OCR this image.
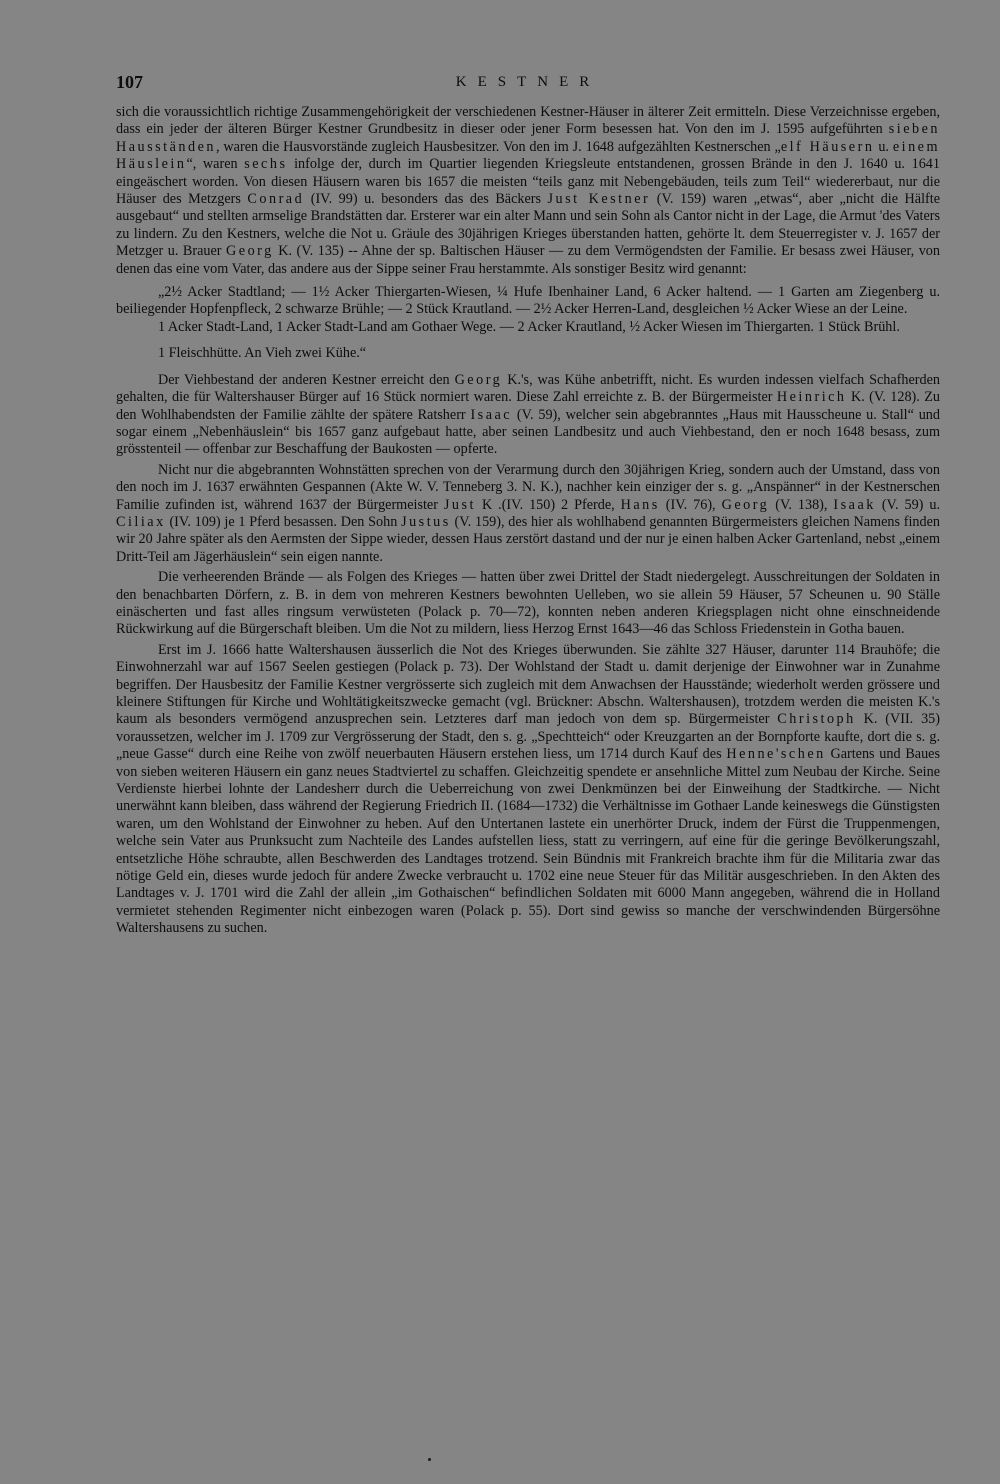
107	KESTNER

sich die voraussichtlich richtige Zusammengehörigkeit der verschiedenen Kestner-Häuser in älterer Zeit ermitteln. Diese Verzeichnisse ergeben, dass ein jeder der älteren Bürger Kestner Grundbesitz in dieser oder jener Form besessen hat. Von den im J. 1595 aufgeführten sieben Hausständen, waren die Hausvorstände zugleich Hausbesitzer. Von den im J. 1648 aufgezählten Kestnerschen „elf Häusern u. einem Häuslein“, waren sechs infolge der, durch im Quartier liegenden Kriegsleute entstandenen, grossen Brände in den J. 1640 u. 1641 eingeäschert worden. Von diesen Häusern waren bis 1657 die meisten “teils ganz mit Nebengebäuden, teils zum Teil“ wiedererbaut, nur die Häuser des Metzgers Conrad (IV. 99) u. besonders das des Bäckers Just Kestner (V. 159) waren „etwas“, aber „nicht die Hälfte ausgebaut“ und stellten armselige Brandstätten dar. Ersterer war ein alter Mann und sein Sohn als Cantor nicht in der Lage, die Armut 'des Vaters zu lindern. Zu den Kestners, welche die Not u. Gräule des 30jährigen Krieges überstanden hatten, gehörte lt. dem Steuerregister v. J. 1657 der Metzger u. Brauer Georg K. (V. 135) -- Ahne der sp. Baltischen Häuser — zu dem Vermögendsten der Familie. Er besass zwei Häuser, von denen das eine vom Vater, das andere aus der Sippe seiner Frau herstammte. Als sonstiger Besitz wird genannt:

„2½ Acker Stadtland; — 1½ Acker Thiergarten-Wiesen, ¼ Hufe Ibenhainer Land, 6 Acker haltend. — 1 Garten am Ziegenberg u. beiliegender Hopfenpfleck, 2 schwarze Brühle; — 2 Stück Krautland. — 2½ Acker Herren-Land, desgleichen ½ Acker Wiese an der Leine.

1 Acker Stadt-Land, 1 Acker Stadt-Land am Gothaer Wege. — 2 Acker Krautland, ½ Acker Wiesen im Thiergarten. 1 Stück Brühl.

1 Fleischhütte. An Vieh zwei Kühe.“

Der Viehbestand der anderen Kestner erreicht den Georg K.'s, was Kühe anbetrifft, nicht. Es wurden indessen vielfach Schafherden gehalten, die für Waltershauser Bürger auf 16 Stück normiert waren. Diese Zahl erreichte z. B. der Bürgermeister Heinrich K. (V. 128). Zu den Wohlhabendsten der Familie zählte der spätere Ratsherr Isaac (V. 59), welcher sein abgebranntes „Haus mit Hausscheune u. Stall“ und sogar einem „Nebenhäuslein“ bis 1657 ganz aufgebaut hatte, aber seinen Landbesitz und auch Viehbestand, den er noch 1648 besass, zum grösstenteil — offenbar zur Beschaffung der Baukosten — opferte.

Nicht nur die abgebrannten Wohnstätten sprechen von der Verarmung durch den 30jährigen Krieg, sondern auch der Umstand, dass von den noch im J. 1637 erwähnten Gespannen (Akte W. V. Tenneberg 3. N. K.), nachher kein einziger der s. g. „Anspänner“ in der Kestnerschen Familie zufinden ist, während 1637 der Bürgermeister Just K .(IV. 150) 2 Pferde, Hans (IV. 76), Georg (V. 138), Isaak (V. 59) u. Ciliax (IV. 109) je 1 Pferd besassen. Den Sohn Justus (V. 159), des hier als wohlhabend genannten Bürgermeisters gleichen Namens finden wir 20 Jahre später als den Aermsten der Sippe wieder, dessen Haus zerstört dastand und der nur je einen halben Acker Gartenland, nebst „einem Dritt-Teil am Jägerhäuslein“ sein eigen nannte.

Die verheerenden Brände — als Folgen des Krieges — hatten über zwei Drittel der Stadt niedergelegt. Ausschreitungen der Soldaten in den benachbarten Dörfern, z. B. in dem von mehreren Kestners bewohnten Uelleben, wo sie allein 59 Häuser, 57 Scheunen u. 90 Ställe einäscherten und fast alles ringsum verwüsteten (Polack p. 70—72), konnten neben anderen Kriegsplagen nicht ohne einschneidende Rückwirkung auf die Bürgerschaft bleiben. Um die Not zu mildern, liess Herzog Ernst 1643—46 das Schloss Friedenstein in Gotha bauen.

Erst im J. 1666 hatte Waltershausen äusserlich die Not des Krieges überwunden. Sie zählte 327 Häuser, darunter 114 Brauhöfe; die Einwohnerzahl war auf 1567 Seelen gestiegen (Polack p. 73). Der Wohlstand der Stadt u. damit derjenige der Einwohner war in Zunahme begriffen. Der Hausbesitz der Familie Kestner vergrösserte sich zugleich mit dem Anwachsen der Hausstände; wiederholt werden grössere und kleinere Stiftungen für Kirche und Wohltätigkeitszwecke gemacht (vgl. Brückner: Abschn. Waltershausen), trotzdem werden die meisten K.'s kaum als besonders vermögend anzusprechen sein. Letzteres darf man jedoch von dem sp. Bürgermeister Christoph K. (VII. 35) voraussetzen, welcher im J. 1709 zur Vergrösserung der Stadt, den s. g. „Spechtteich“ oder Kreuzgarten an der Bornpforte kaufte, dort die s. g. „neue Gasse“ durch eine Reihe von zwölf neuerbauten Häusern erstehen liess, um 1714 durch Kauf des Henne'schen Gartens und Baues von sieben weiteren Häusern ein ganz neues Stadtviertel zu schaffen. Gleichzeitig spendete er ansehnliche Mittel zum Neubau der Kirche. Seine Verdienste hierbei lohnte der Landesherr durch die Ueberreichung von zwei Denkmünzen bei der Einweihung der Stadtkirche. — Nicht unerwähnt kann bleiben, dass während der Regierung Friedrich II. (1684—1732) die Verhältnisse im Gothaer Lande keineswegs die Günstigsten waren, um den Wohlstand der Einwohner zu heben. Auf den Untertanen lastete ein unerhörter Druck, indem der Fürst die Truppenmengen, welche sein Vater aus Prunksucht zum Nachteile des Landes aufstellen liess, statt zu verringern, auf eine für die geringe Bevölkerungszahl, entsetzliche Höhe schraubte, allen Beschwerden des Landtages trotzend. Sein Bündnis mit Frankreich brachte ihm für die Militaria zwar das nötige Geld ein, dieses wurde jedoch für andere Zwecke verbraucht u. 1702 eine neue Steuer für das Militär ausgeschrieben. In den Akten des Landtages v. J. 1701 wird die Zahl der allein „im Gothaischen“ befindlichen Soldaten mit 6000 Mann angegeben, während die in Holland vermietet stehenden Regimenter nicht einbezogen waren (Polack p. 55). Dort sind gewiss so manche der verschwindenden Bürgersöhne Waltershausens zu suchen.
